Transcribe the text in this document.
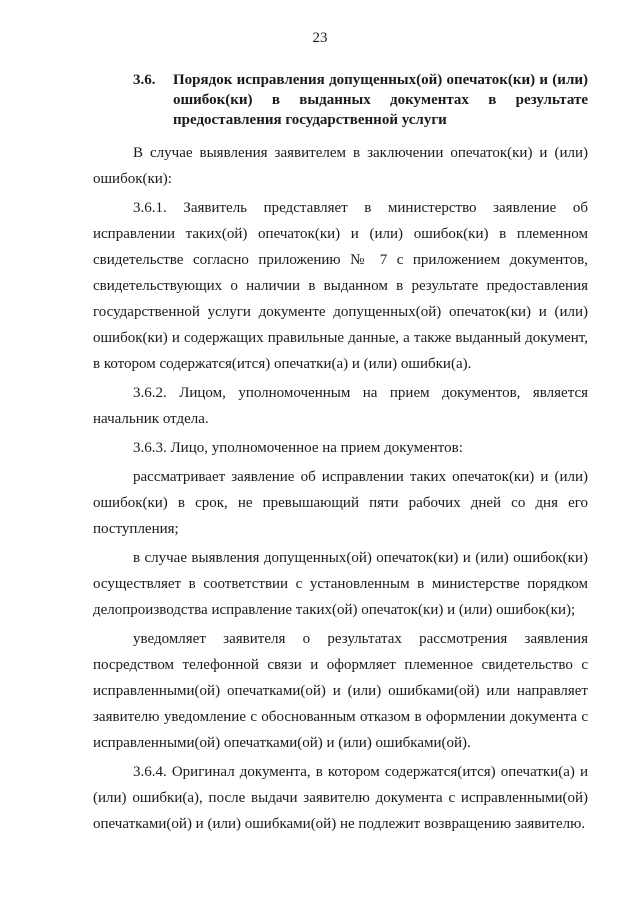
23
3.6. Порядок исправления допущенных(ой) опечаток(ки) и (или) ошибок(ки) в выданных документах в результате предоставления государственной услуги

В случае выявления заявителем в заключении опечаток(ки) и (или) ошибок(ки):

3.6.1. Заявитель представляет в министерство заявление об исправлении таких(ой) опечаток(ки) и (или) ошибок(ки) в племенном свидетельстве согласно приложению № 7 с приложением документов, свидетельствующих о наличии в выданном в результате предоставления государственной услуги документе допущенных(ой) опечаток(ки) и (или) ошибок(ки) и содержащих правильные данные, а также выданный документ, в котором содержатся(ится) опечатки(а) и (или) ошибки(а).

3.6.2. Лицом, уполномоченным на прием документов, является начальник отдела.

3.6.3. Лицо, уполномоченное на прием документов:

рассматривает заявление об исправлении таких опечаток(ки) и (или) ошибок(ки) в срок, не превышающий пяти рабочих дней со дня его поступления;

в случае выявления допущенных(ой) опечаток(ки) и (или) ошибок(ки) осуществляет в соответствии с установленным в министерстве порядком делопроизводства исправление таких(ой) опечаток(ки) и (или) ошибок(ки);

уведомляет заявителя о результатах рассмотрения заявления посредством телефонной связи и оформляет племенное свидетельство с исправленными(ой) опечатками(ой) и (или) ошибками(ой) или направляет заявителю уведомление с обоснованным отказом в оформлении документа с исправленными(ой) опечатками(ой) и (или) ошибками(ой).

3.6.4. Оригинал документа, в котором содержатся(ится) опечатки(а) и (или) ошибки(а), после выдачи заявителю документа с исправленными(ой) опечатками(ой) и (или) ошибками(ой) не подлежит возвращению заявителю.
